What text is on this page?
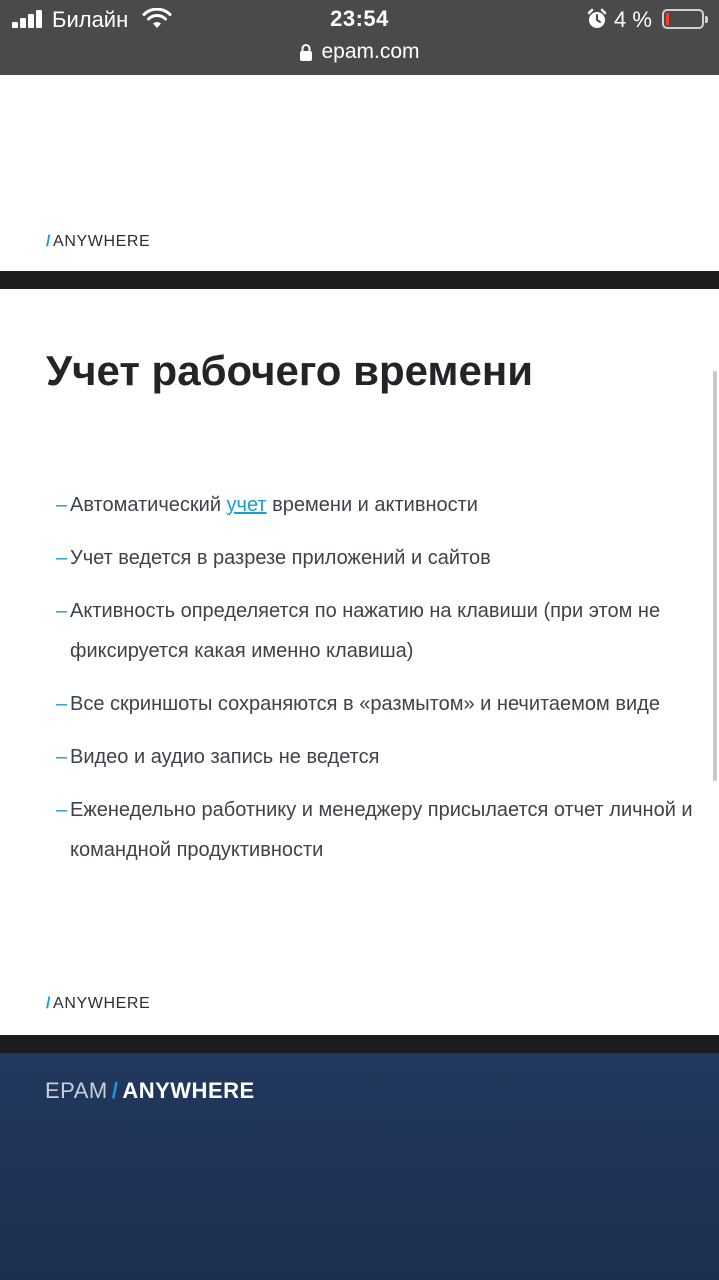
Билайн	23:54	4 %
epam.com
/ ANYWHERE
Учет рабочего времени
– Автоматический учет времени и активности
– Учет ведется в разрезе приложений и сайтов
– Активность определяется по нажатию на клавиши (при этом не фиксируется какая именно клавиша)
– Все скриншоты сохраняются в «размытом» и нечитаемом виде
– Видео и аудио запись не ведется
– Еженедельно работнику и менеджеру присылается отчет личной и командной продуктивности
/ ANYWHERE
EPAM / ANYWHERE
